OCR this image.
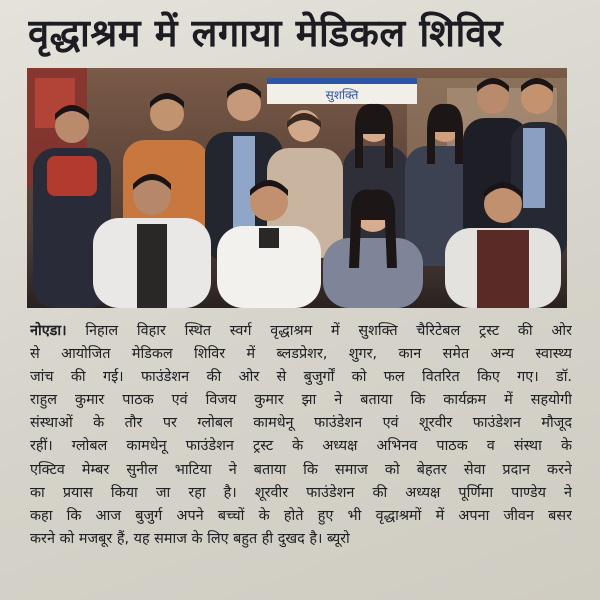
वृद्धाश्रम में लगाया मेडिकल शिविर
सुशक्ति
नोएडा। निहाल विहार स्थित स्वर्ग वृद्धाश्रम में सुशक्ति चैरिटेबल ट्रस्ट की ओर
से आयोजित मेडिकल शिविर में ब्लडप्रेशर, शुगर, कान समेत अन्य स्वास्थ्य
जांच की गई। फाउंडेशन की ओर से बुजुर्गों को फल वितरित किए गए। डॉ.
राहुल कुमार पाठक एवं विजय कुमार झा ने बताया कि कार्यक्रम में सहयोगी
संस्थाओं के तौर पर ग्लोबल कामधेनू फाउंडेशन एवं शूरवीर फाउंडेशन मौजूद
रहीं। ग्लोबल कामधेनू फाउंडेशन ट्रस्ट के अध्यक्ष अभिनव पाठक व संस्था के
एक्टिव मेम्बर सुनील भाटिया ने बताया कि समाज को बेहतर सेवा प्रदान करने
का प्रयास किया जा रहा है। शूरवीर फाउंडेशन की अध्यक्ष पूर्णिमा पाण्डेय ने
कहा कि आज बुजुर्ग अपने बच्चों के होते हुए भी वृद्धाश्रमों में अपना जीवन बसर
करने को मजबूर हैं, यह समाज के लिए बहुत ही दुखद है। ब्यूरो
